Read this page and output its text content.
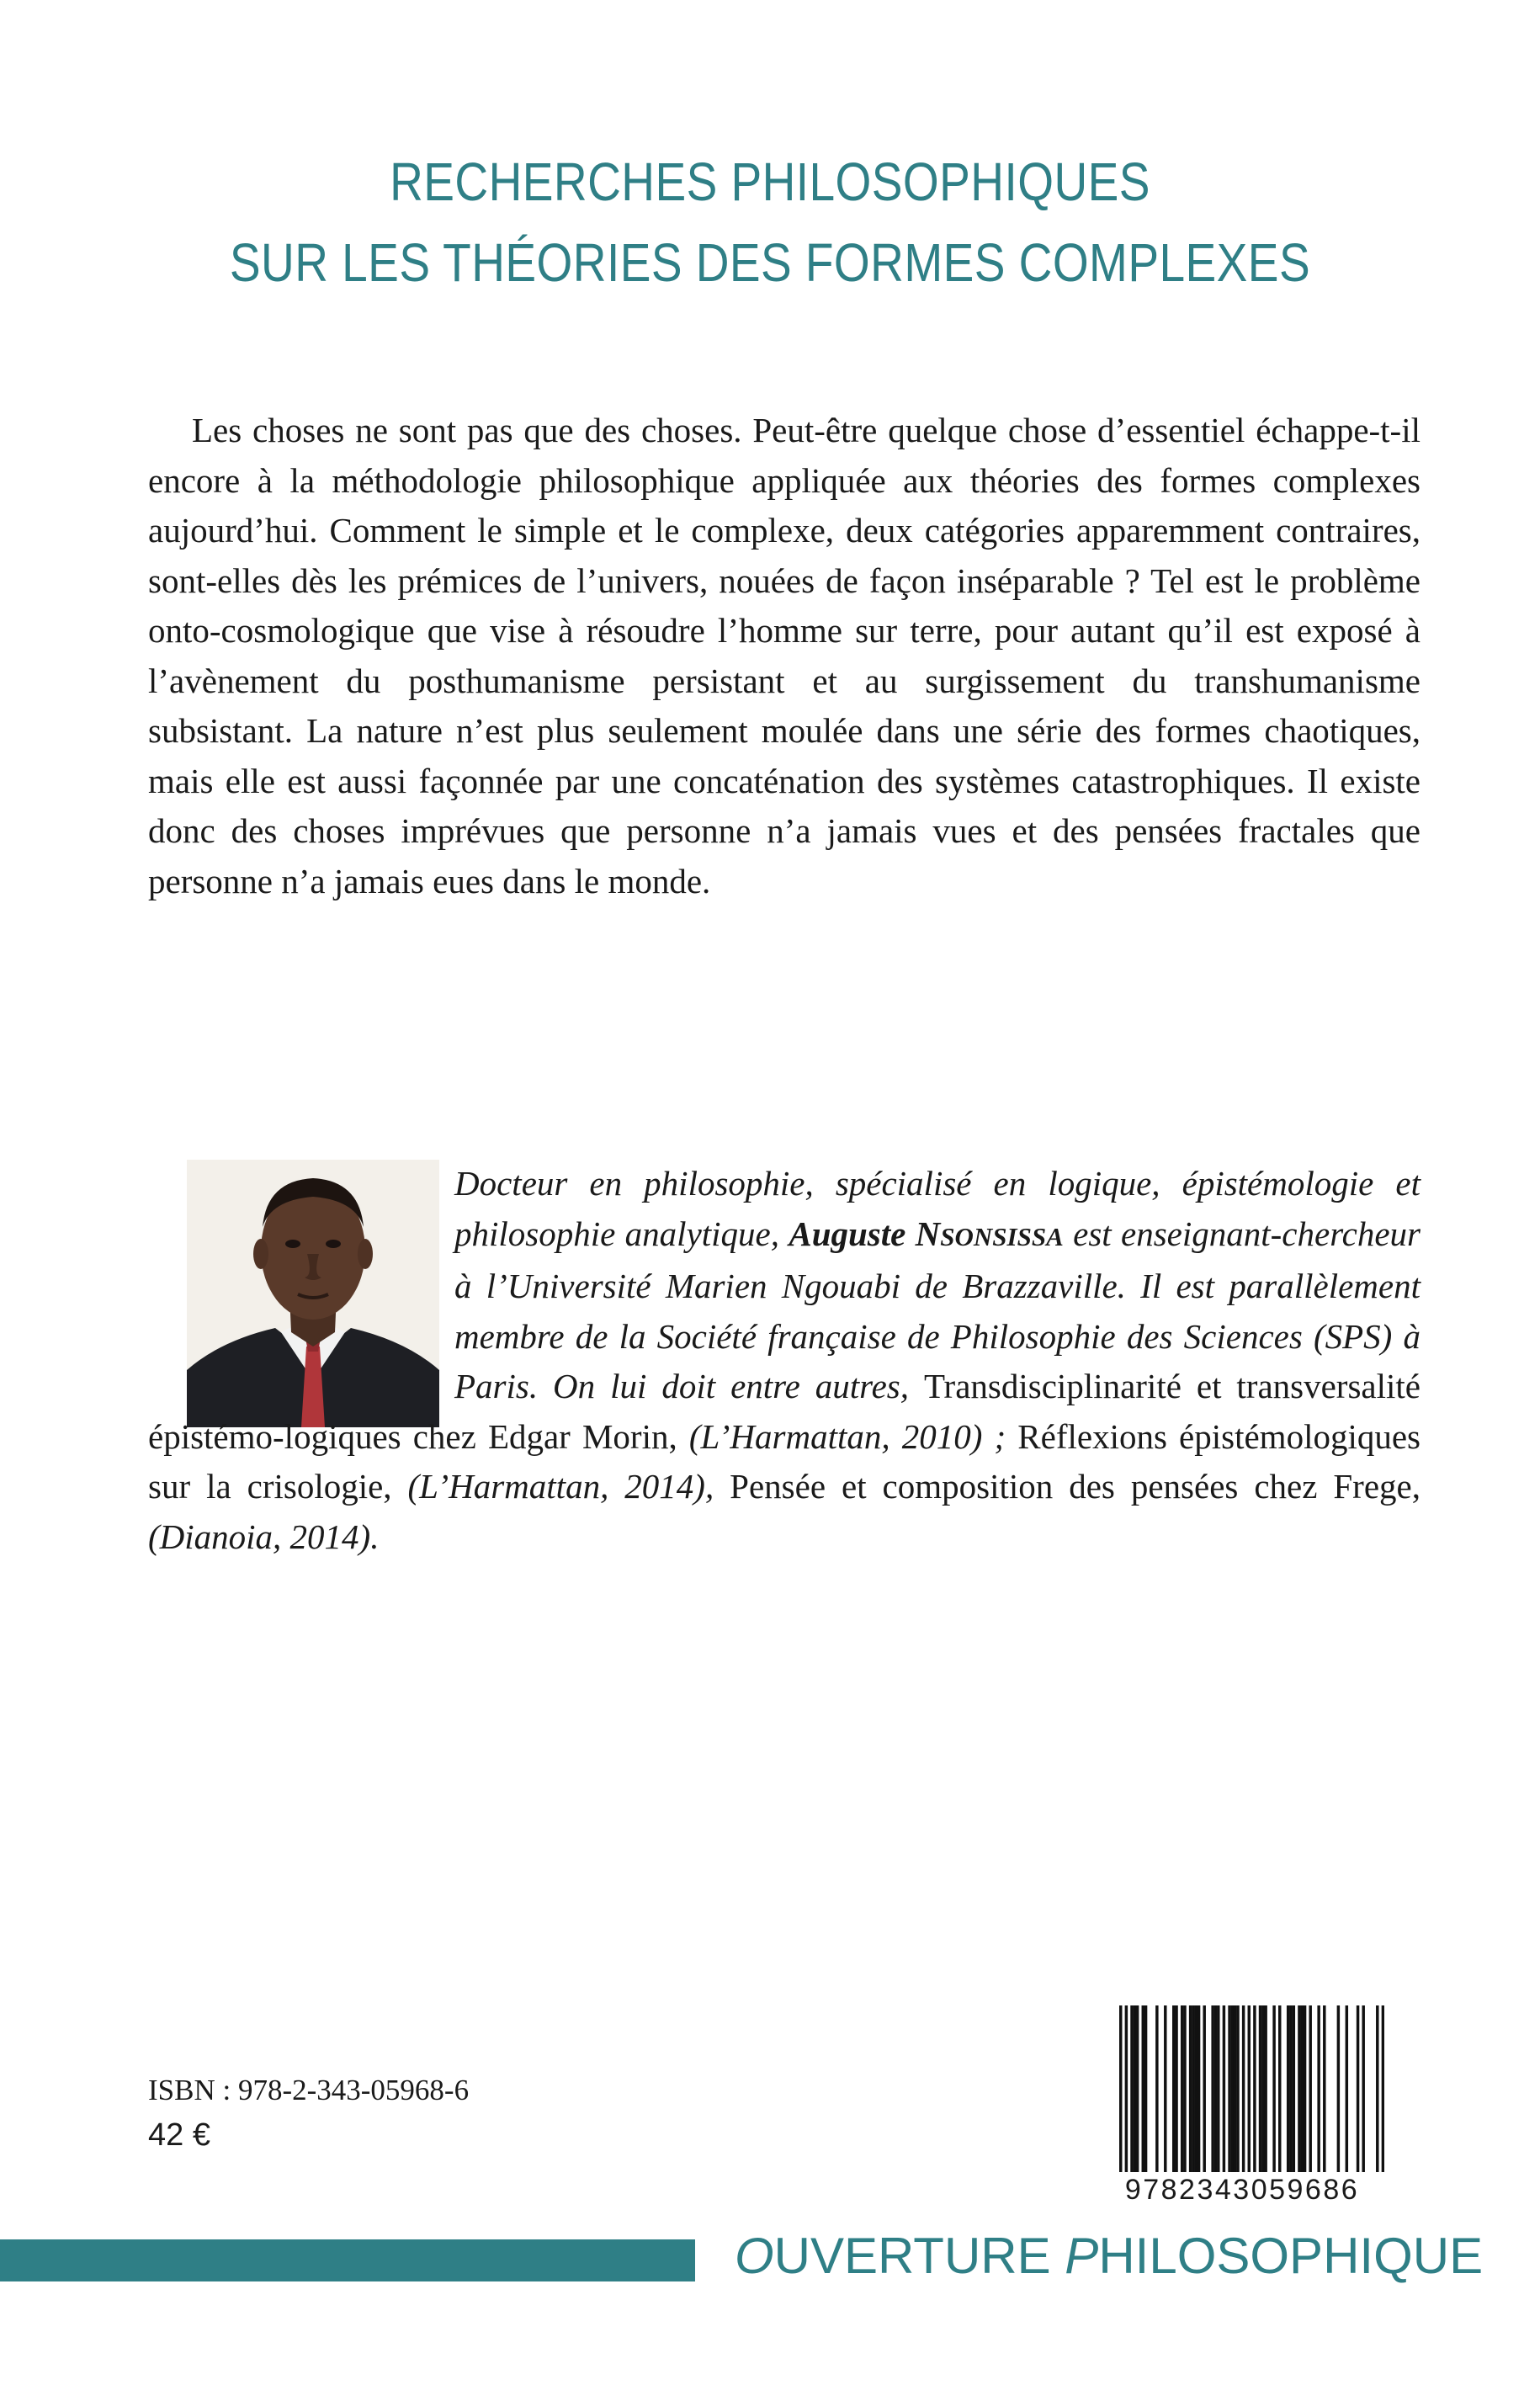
RECHERCHES PHILOSOPHIQUES
SUR LES THÉORIES DES FORMES COMPLEXES

Les choses ne sont pas que des choses. Peut-être quelque chose d’essentiel échappe-t-il encore à la méthodologie philosophique appliquée aux théories des formes complexes aujourd’hui. Comment le simple et le complexe, deux catégories apparemment contraires, sont-elles dès les prémices de l’univers, nouées de façon inséparable ? Tel est le problème onto-cosmologique que vise à résoudre l’homme sur terre, pour autant qu’il est exposé à l’avènement du posthumanisme persistant et au surgissement du transhumanisme subsistant. La nature n’est plus seulement moulée dans une série des formes chaotiques, mais elle est aussi façonnée par une concaténation des systèmes catastrophiques. Il existe donc des choses imprévues que personne n’a jamais vues et des pensées fractales que personne n’a jamais eues dans le monde.

Docteur en philosophie, spécialisé en logique, épistémologie et philosophie analytique, Auguste NSONSISSA est enseignant-chercheur à l’Université Marien Ngouabi de Brazzaville. Il est parallèlement membre de la Société française de Philosophie des Sciences (SPS) à Paris. On lui doit entre autres, Transdisciplinarité et transversalité épistémo-logiques chez Edgar Morin, (L’Harmattan, 2010) ; Réflexions épistémologiques sur la crisologie, (L’Harmattan, 2014), Pensée et composition des pensées chez Frege, (Dianoia, 2014).

ISBN : 978-2-343-05968-6
42 €
9782343059686
OUVERTURE PHILOSOPHIQUE
